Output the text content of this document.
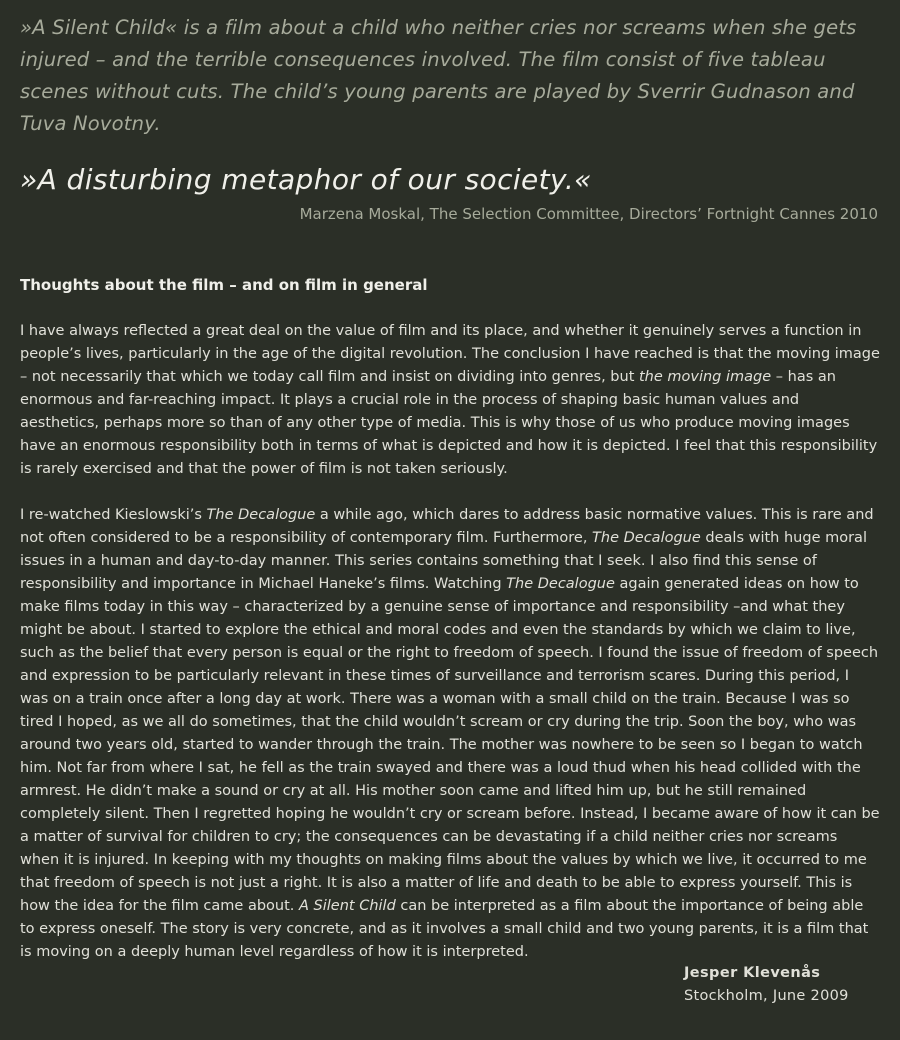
»A Silent Child« is a film about a child who neither cries nor screams when she gets injured – and the terrible consequences involved. The film consist of five tableau scenes without cuts. The child’s young parents are played by Sverrir Gudnason and Tuva Novotny.

»A disturbing metaphor of our society.«

Marzena Moskal, The Selection Committee, Directors’ Fortnight Cannes 2010

Thoughts about the film – and on film in general

I have always reflected a great deal on the value of film and its place, and whether it genuinely serves a function in people’s lives, particularly in the age of the digital revolution. The conclusion I have reached is that the moving image – not necessarily that which we today call film and insist on dividing into genres, but the moving image – has an enormous and far-reaching impact. It plays a crucial role in the process of shaping basic human values and aesthetics, perhaps more so than of any other type of media. This is why those of us who produce moving images have an enormous responsibility both in terms of what is depicted and how it is depicted. I feel that this responsibility is rarely exercised and that the power of film is not taken seriously.

I re-watched Kieslowski’s The Decalogue a while ago, which dares to address basic normative values. This is rare and not often considered to be a responsibility of contemporary film. Furthermore, The Decalogue deals with huge moral issues in a human and day-to-day manner. This series contains something that I seek. I also find this sense of responsibility and importance in Michael Haneke’s films. Watching The Decalogue again generated ideas on how to make films today in this way – characterized by a genuine sense of importance and responsibility –and what they might be about. I started to explore the ethical and moral codes and even the standards by which we claim to live, such as the belief that every person is equal or the right to freedom of speech. I found the issue of freedom of speech and expression to be particularly relevant in these times of surveillance and terrorism scares. During this period, I was on a train once after a long day at work. There was a woman with a small child on the train. Because I was so tired I hoped, as we all do sometimes, that the child wouldn’t scream or cry during the trip. Soon the boy, who was around two years old, started to wander through the train. The mother was nowhere to be seen so I began to watch him. Not far from where I sat, he fell as the train swayed and there was a loud thud when his head collided with the armrest. He didn’t make a sound or cry at all. His mother soon came and lifted him up, but he still remained completely silent. Then I regretted hoping he wouldn’t cry or scream before. Instead, I became aware of how it can be a matter of survival for children to cry; the consequences can be devastating if a child neither cries nor screams when it is injured. In keeping with my thoughts on making films about the values by which we live, it occurred to me that freedom of speech is not just a right. It is also a matter of life and death to be able to express yourself. This is how the idea for the film came about. A Silent Child can be interpreted as a film about the importance of being able to express oneself. The story is very concrete, and as it involves a small child and two young parents, it is a film that is moving on a deeply human level regardless of how it is interpreted.

Jesper Klevenås
Stockholm, June 2009
